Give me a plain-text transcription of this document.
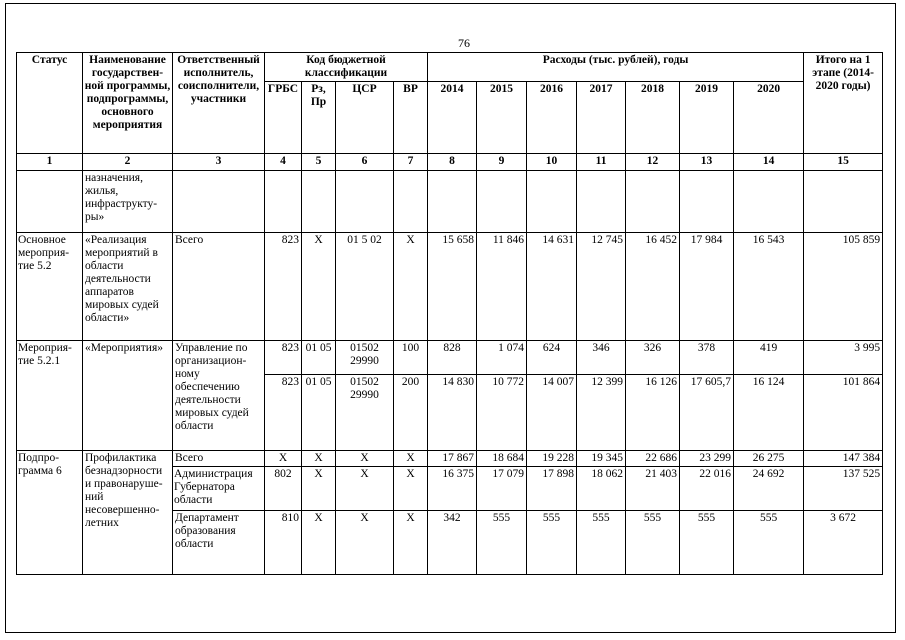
76
Статус	Наименование государствен-ной программы, подпрограммы, основного мероприятия	Ответственный исполнитель, соисполнители, участники	Код бюджетной классификации				Расходы (тыс. рублей), годы							Итого на 1 этапе (2014-2020 годы)
			ГРБС	Рз, Пр	ЦСР	ВР	2014	2015	2016	2017	2018	2019	2020	
1	2	3	4	5	6	7	8	9	10	11	12	13	14	15
	назначения, жилья, инфраструкту-ры»													
Основное мероприя-тие 5.2	«Реализация мероприятий в области деятельности аппаратов мировых судей области»	Всего	823	Х	01 5 02	Х	15 658	11 846	14 631	12 745	16 452	17 984	16 543	105 859
Мероприя-тие 5.2.1	«Мероприятия»	Управление по организацион-ному обеспечению деятельности мировых судей области	823	01 05	01502 29990	100	828	1 074	624	346	326	378	419	3 995
			823	01 05	01502 29990	200	14 830	10 772	14 007	12 399	16 126	17 605,7	16 124	101 864
Подпро-грамма 6	Профилактика безнадзорности и правонаруше-ний несовершенно-летних	Всего	Х	Х	Х	Х	17 867	18 684	19 228	19 345	22 686	23 299	26 275	147 384
		Администрация Губернатора области	802	Х	Х	Х	16 375	17 079	17 898	18 062	21 403	22 016	24 692	137 525
		Департамент образования области	810	Х	Х	Х	342	555	555	555	555	555	555	3 672
